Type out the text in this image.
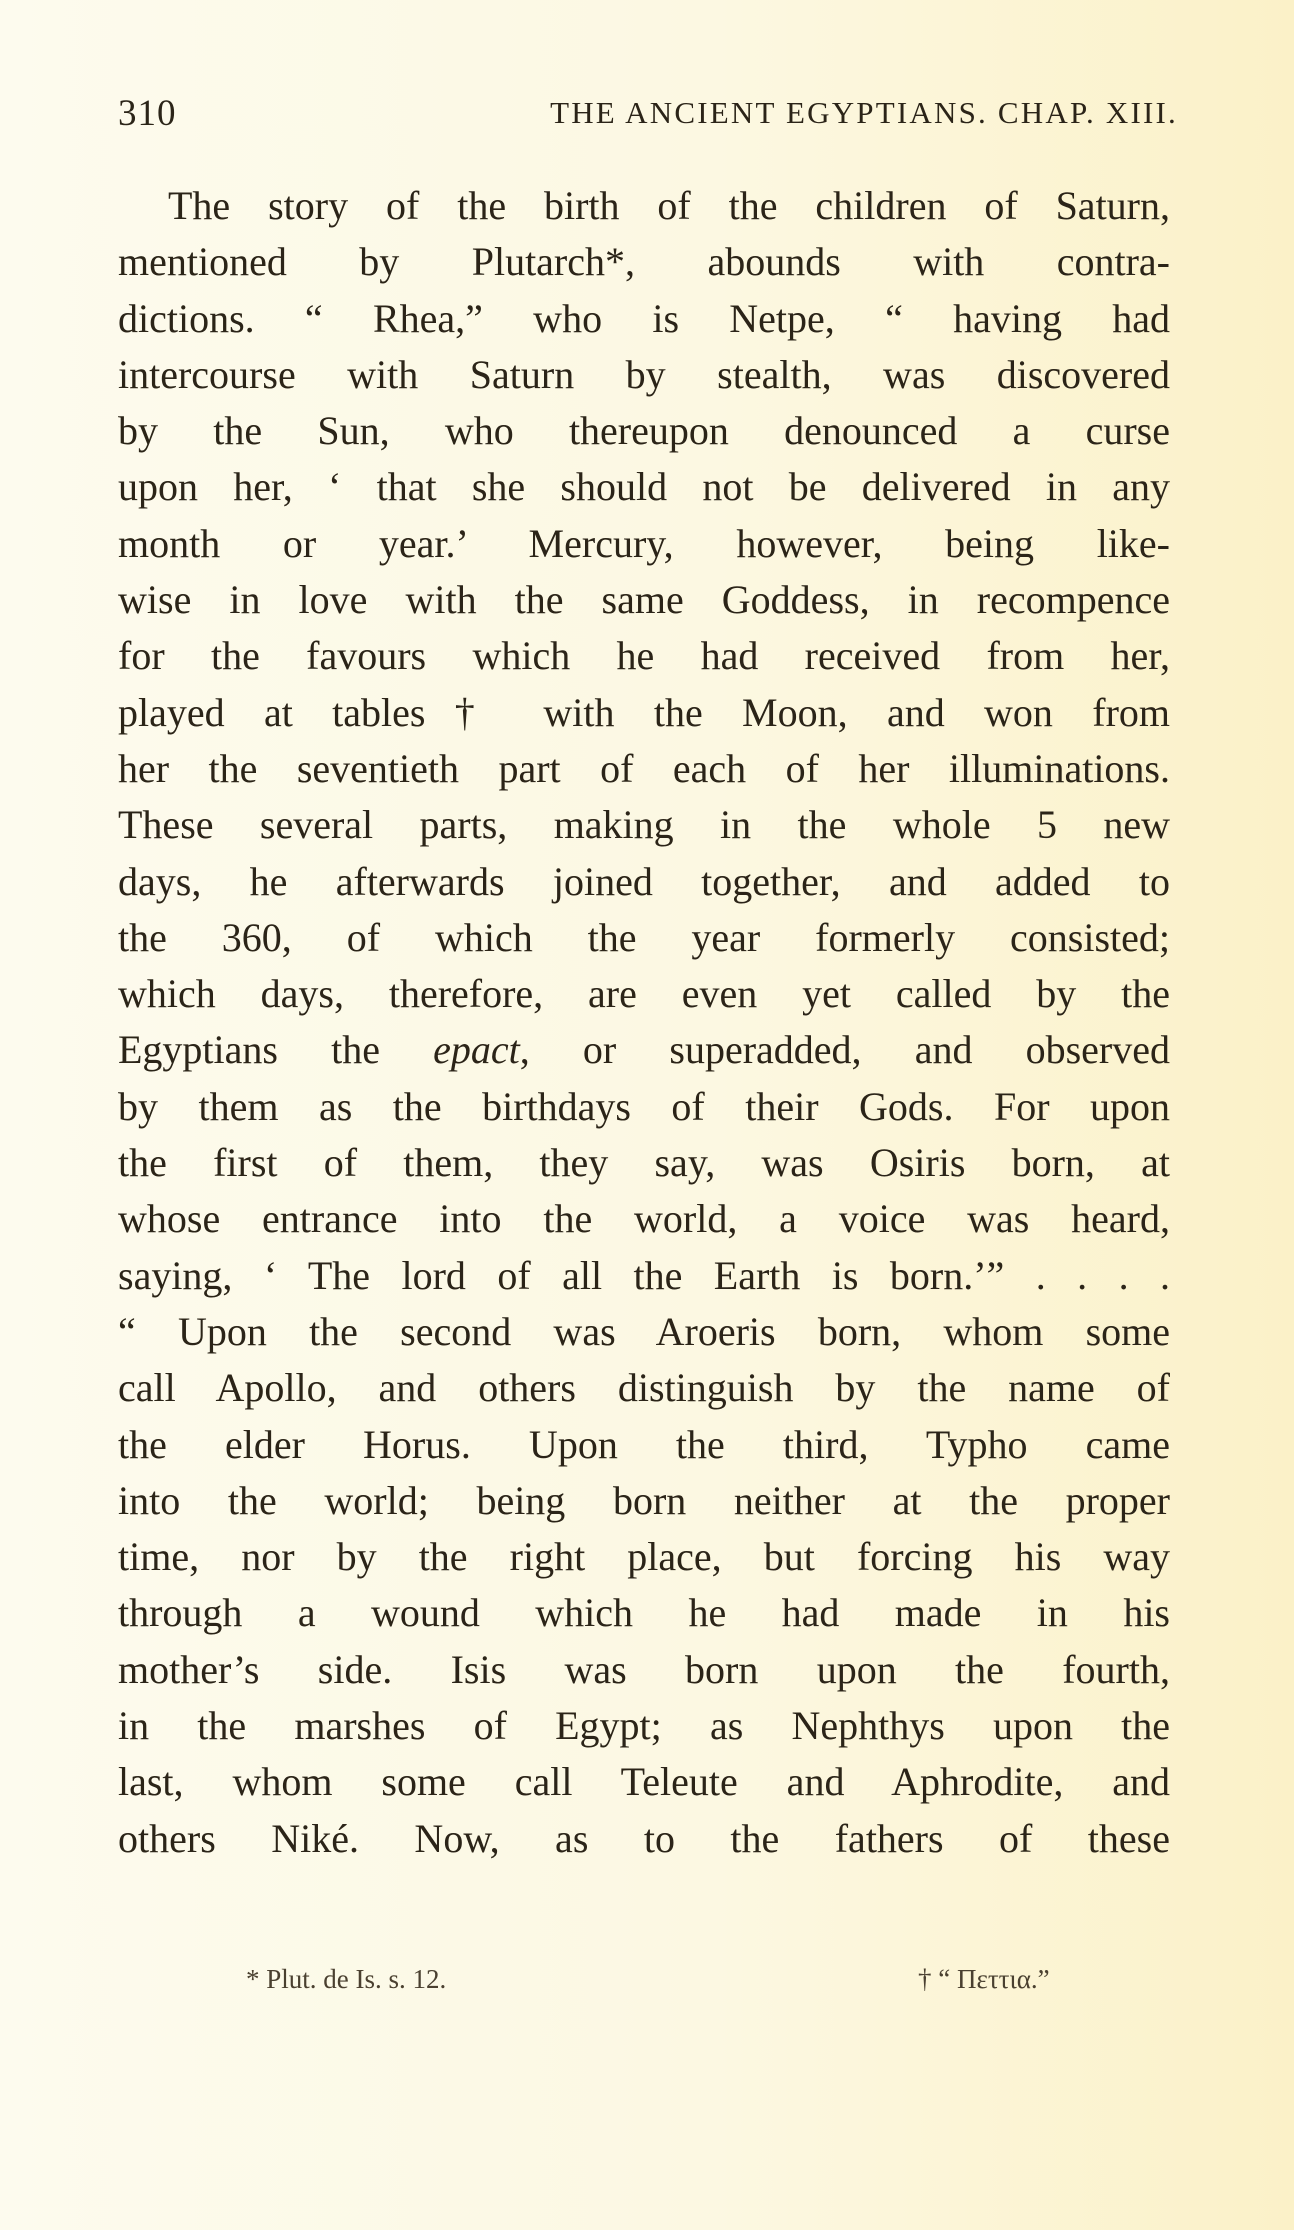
310	THE ANCIENT EGYPTIANS. CHAP. XIII.
The story of the birth of the children of Saturn,
mentioned by Plutarch*, abounds with contra-
dictions. “ Rhea,” who is Netpe, “ having had
intercourse with Saturn by stealth, was discovered
by the Sun, who thereupon denounced a curse
upon her, ‘ that she should not be delivered in any
month or year.’ Mercury, however, being like-
wise in love with the same Goddess, in recompence
for the favours which he had received from her,
played at tables† with the Moon, and won from
her the seventieth part of each of her illuminations.
These several parts, making in the whole 5 new
days, he afterwards joined together, and added to
the 360, of which the year formerly consisted;
which days, therefore, are even yet called by the
Egyptians the epact, or superadded, and observed
by them as the birthdays of their Gods. For upon
the first of them, they say, was Osiris born, at
whose entrance into the world, a voice was heard,
saying, ‘ The lord of all the Earth is born.’” . . . .
“ Upon the second was Aroeris born, whom some
call Apollo, and others distinguish by the name of
the elder Horus. Upon the third, Typho came
into the world; being born neither at the proper
time, nor by the right place, but forcing his way
through a wound which he had made in his
mother’s side. Isis was born upon the fourth,
in the marshes of Egypt; as Nephthys upon the
last, whom some call Teleute and Aphrodite, and
others Niké. Now, as to the fathers of these
* Plut. de Is. s. 12.	† “ Πεττια.”
